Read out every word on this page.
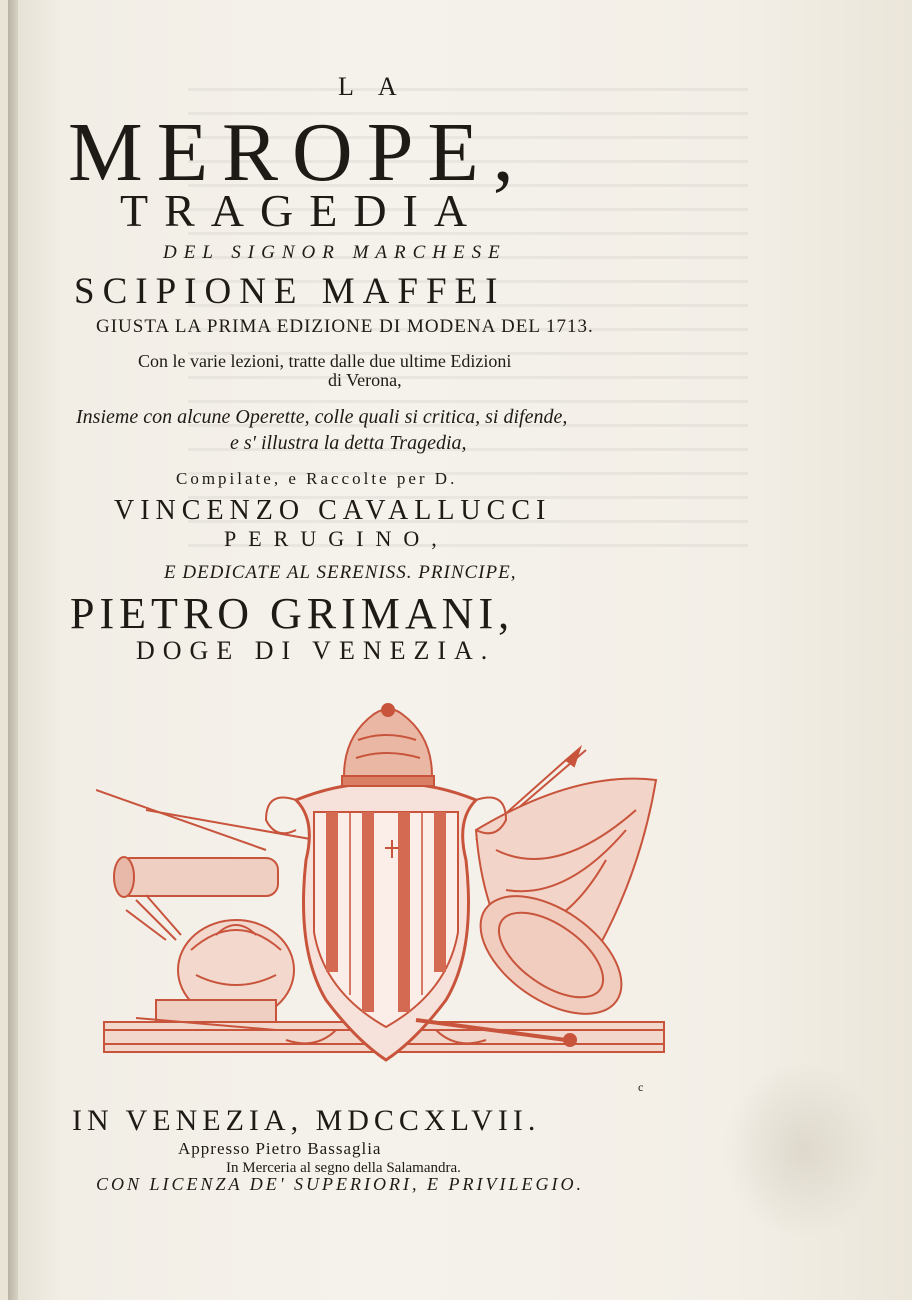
LA
MEROPE,
TRAGEDIA
DEL SIGNOR MARCHESE
SCIPIONE MAFFEI
GIUSTA LA PRIMA EDIZIONE DI MODENA DEL 1713.
Con le varie lezioni, tratte dalle due ultime Edizioni
di Verona,
Insieme con alcune Operette, colle quali si critica, si difende,
e s' illustra la detta Tragedia,
Compilate, e Raccolte per D.
VINCENZO CAVALLUCCI
PERUGINO,
E DEDICATE AL SERENISS. PRINCIPE,
PIETRO GRIMANI,
DOGE DI VENEZIA.
c
IN VENEZIA, MDCCXLVII.
Appresso Pietro Bassaglia
In Merceria al segno della Salamandra.
CON LICENZA DE' SUPERIORI, E PRIVILEGIO.
